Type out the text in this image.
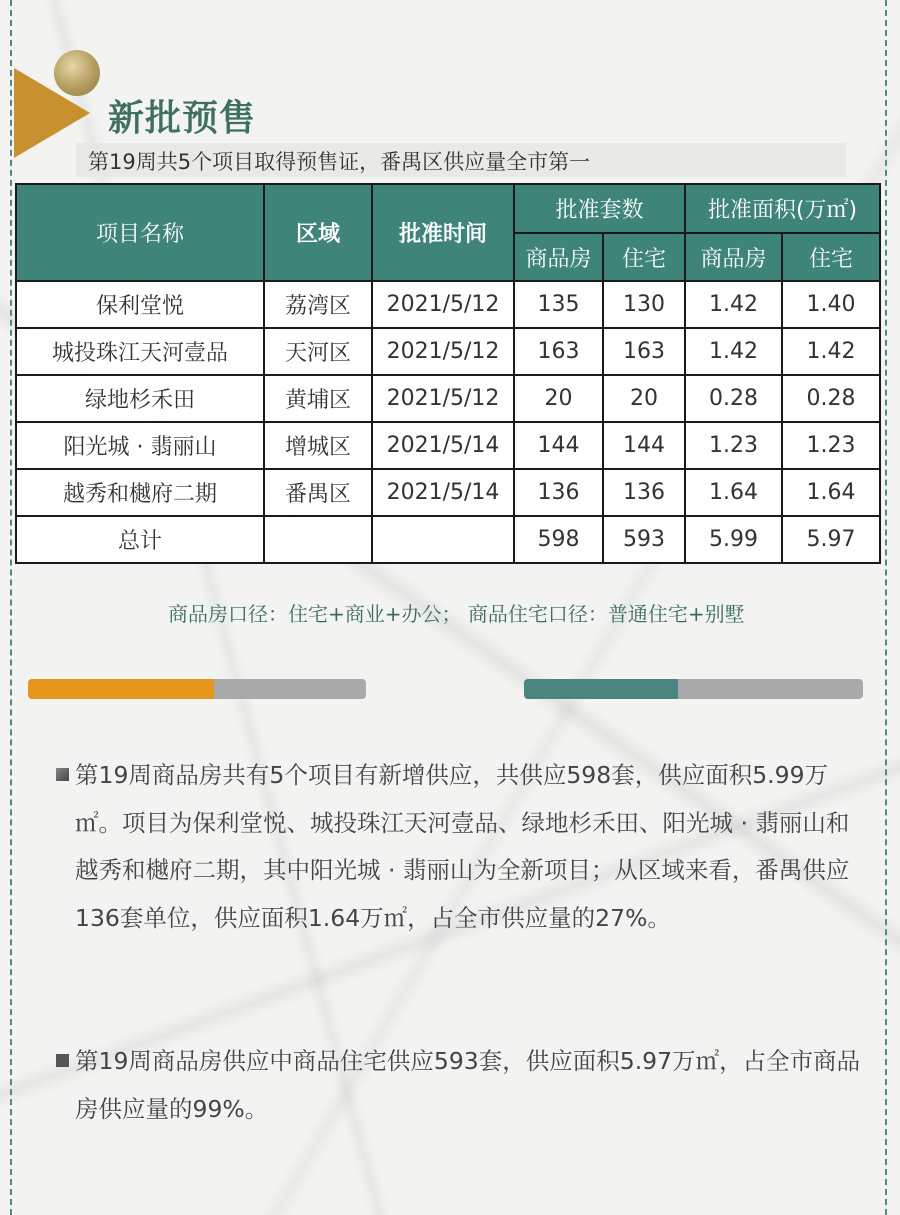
新批预售
第19周共5个项目取得预售证，番禺区供应量全市第一
项目名称	区域	批准时间	批准套数		批准面积(万㎡)	
			商品房	住宅	商品房	住宅
保利堂悦	荔湾区	2021/5/12	135	130	1.42	1.40
城投珠江天河壹品	天河区	2021/5/12	163	163	1.42	1.42
绿地杉禾田	黄埔区	2021/5/12	20	20	0.28	0.28
阳光城 · 翡丽山	增城区	2021/5/14	144	144	1.23	1.23
越秀和樾府二期	番禺区	2021/5/14	136	136	1.64	1.64
总计			598	593	5.99	5.97
商品房口径：住宅+商业+办公； 商品住宅口径：普通住宅+别墅
第19周商品房共有5个项目有新增供应，共供应598套，供应面积5.99万㎡。项目为保利堂悦、城投珠江天河壹品、绿地杉禾田、阳光城 · 翡丽山和越秀和樾府二期，其中阳光城 · 翡丽山为全新项目；从区域来看，番禺供应136套单位，供应面积1.64万㎡，占全市供应量的27%。
第19周商品房供应中商品住宅供应593套，供应面积5.97万㎡，占全市商品房供应量的99%。
